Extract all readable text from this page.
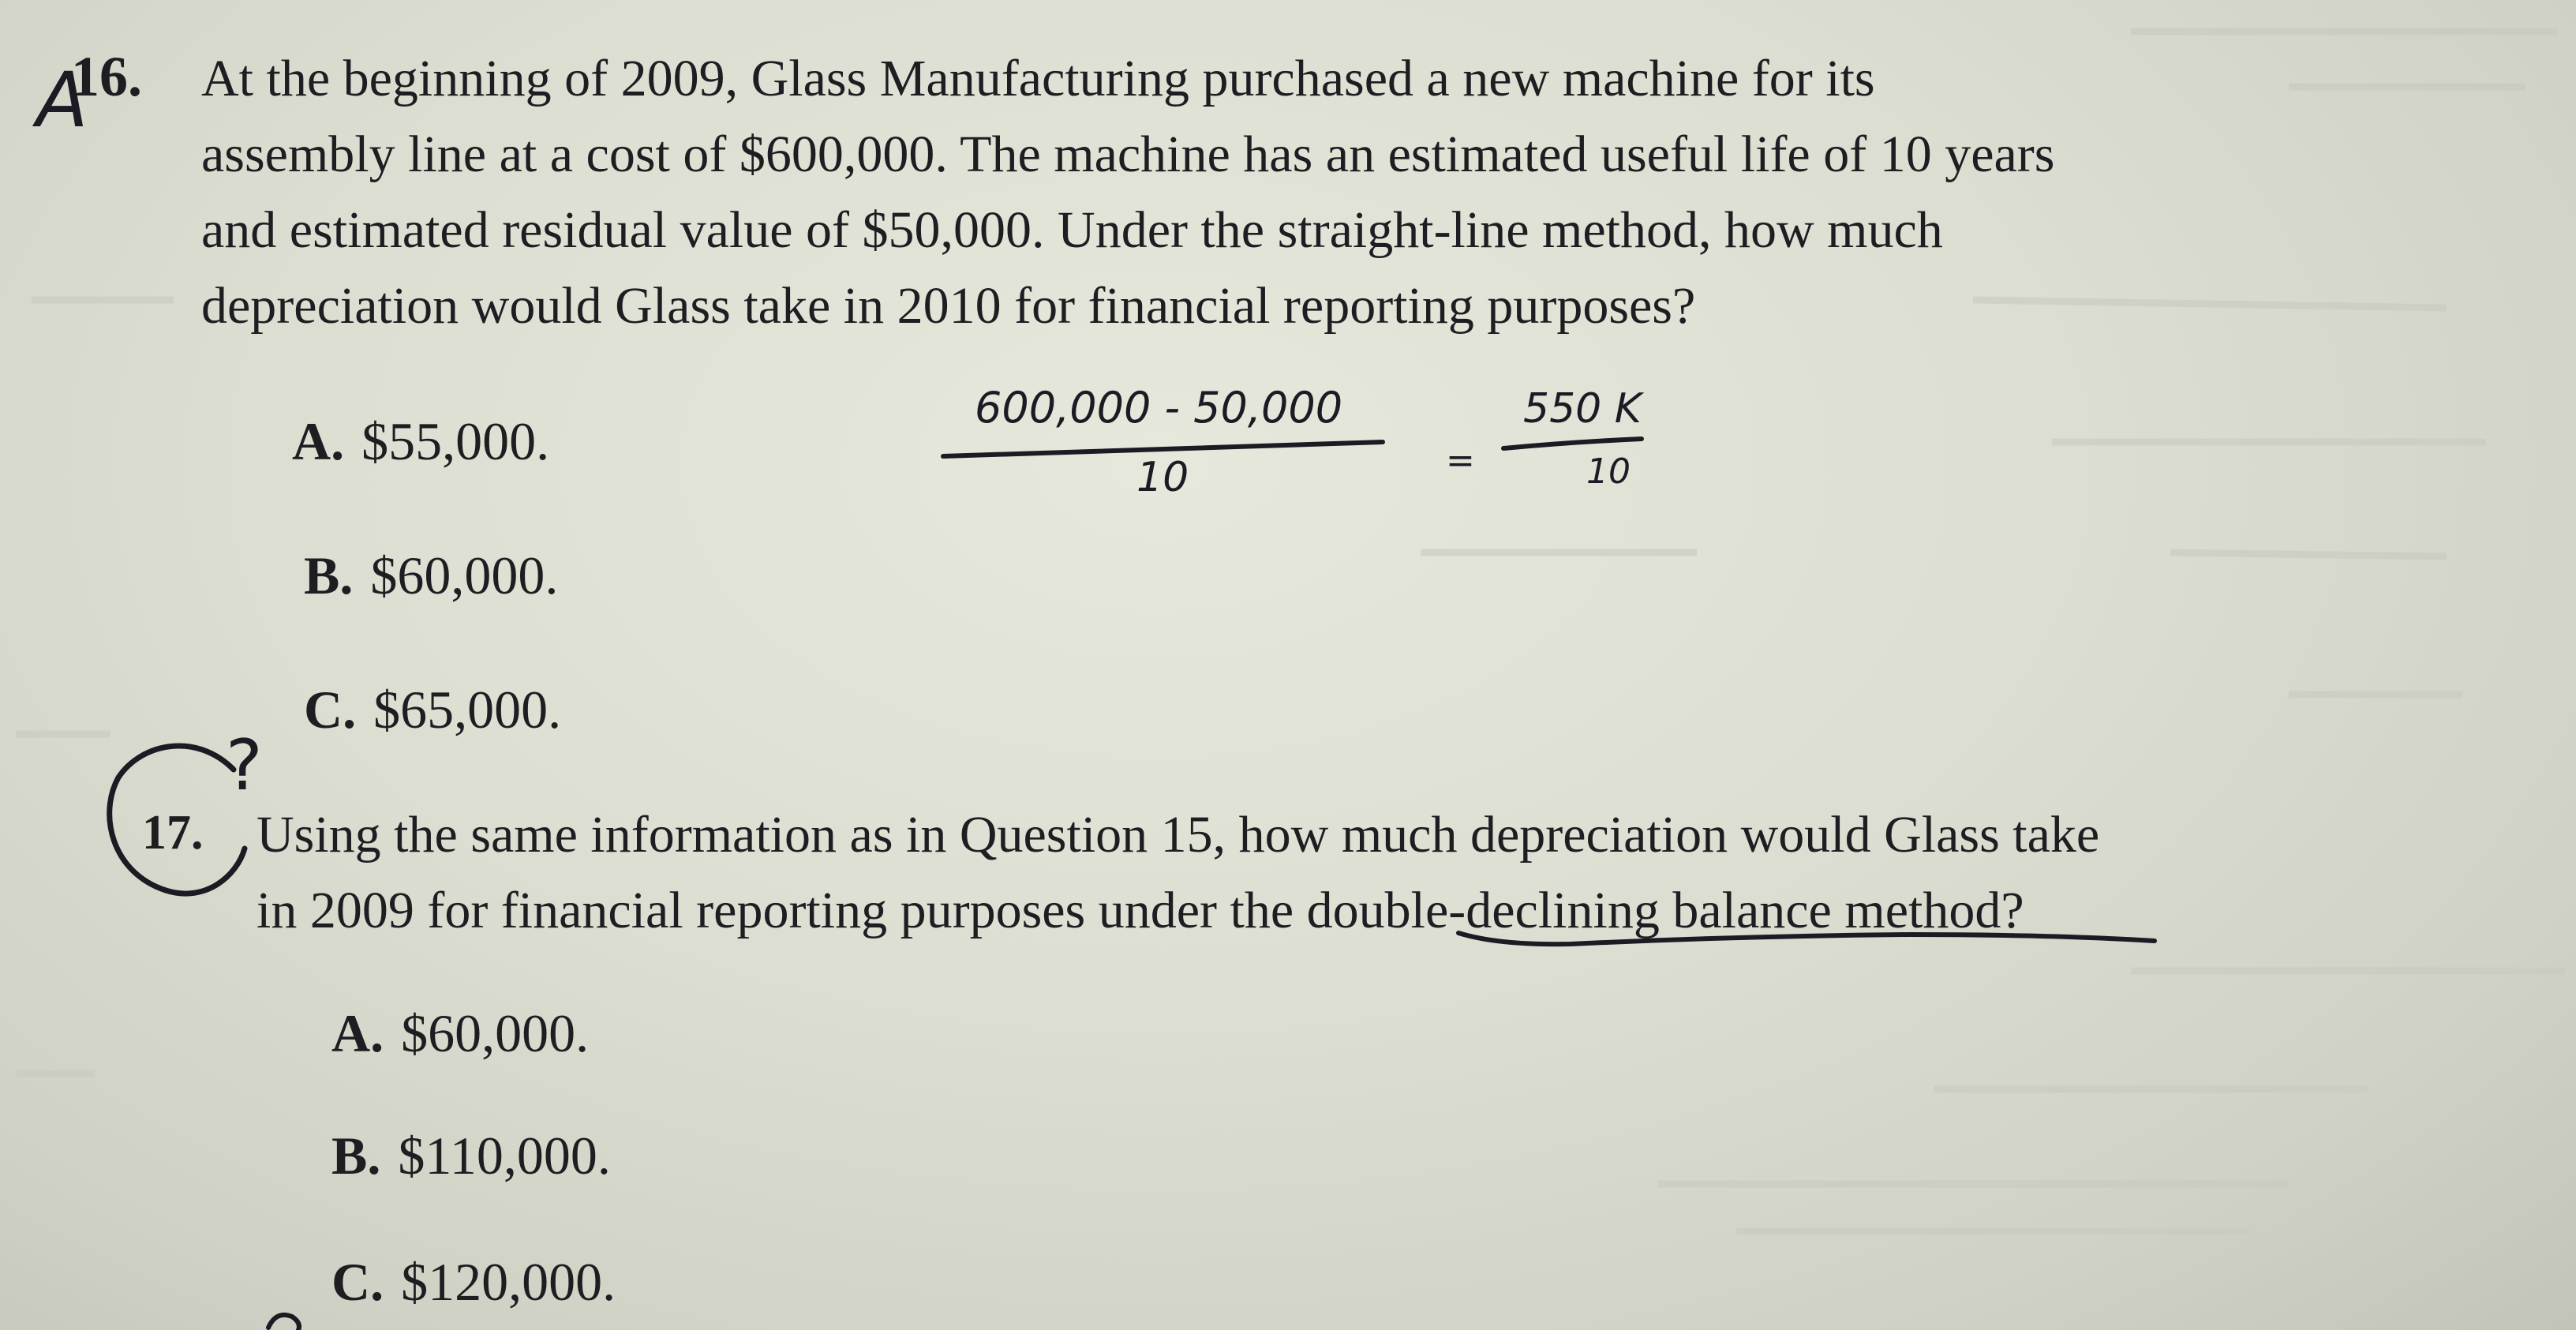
16. At the beginning of 2009, Glass Manufacturing purchased a new machine for its
assembly line at a cost of $600,000. The machine has an estimated useful life of 10 years
and estimated residual value of $50,000. Under the straight-line method, how much
depreciation would Glass take in 2010 for financial reporting purposes?
A. $55,000.
B. $60,000.
C. $65,000.
17. Using the same information as in Question 15, how much depreciation would Glass take
in 2009 for financial reporting purposes under the double-declining balance method?
A. $60,000.
B. $110,000.
C. $120,000.
A
600,000 - 50,000
10	=
550 K
10
?
